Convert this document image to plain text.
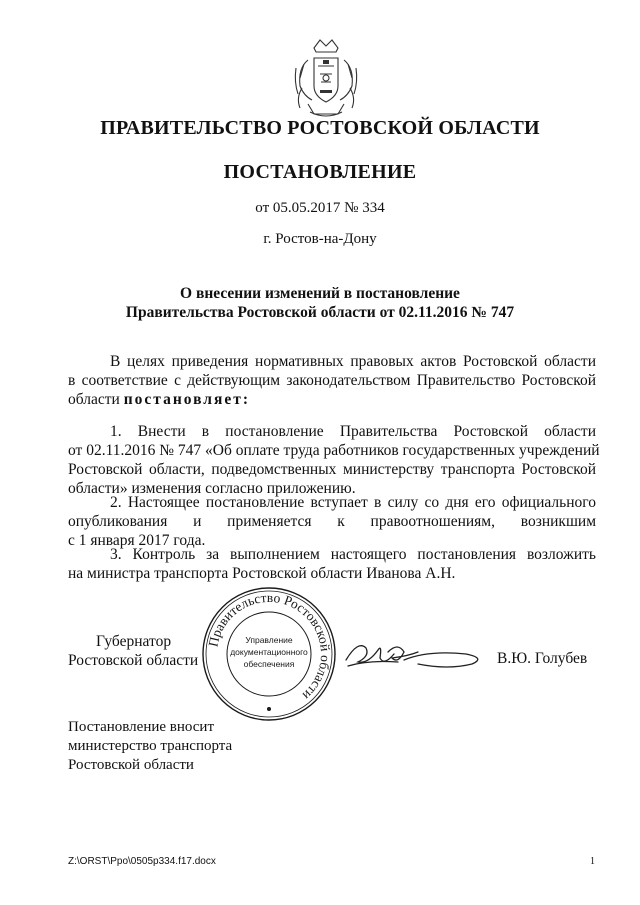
ПРАВИТЕЛЬСТВО РОСТОВСКОЙ ОБЛАСТИ
ПОСТАНОВЛЕНИЕ
от 05.05.2017 № 334
г. Ростов-на-Дону
О внесении изменений в постановление
Правительства Ростовской области от 02.11.2016 № 747
В целях приведения нормативных правовых актов Ростовской области
в соответствие с действующим законодательством Правительство Ростовской
области постановляет:
1. Внести в постановление Правительства Ростовской области
от 02.11.2016 № 747 «Об оплате труда работников государственных учреждений
Ростовской области, подведомственных министерству транспорта Ростовской
области» изменения согласно приложению.
2. Настоящее постановление вступает в силу со дня его официального
опубликования и применяется к правоотношениям, возникшим
с 1 января 2017 года.
3. Контроль за выполнением настоящего постановления возложить
на министра транспорта Ростовской области Иванова А.Н.
Губернатор
Ростовской области
Правительство Ростовской области
Управление
документационного
обеспечения	В.Ю. Голубев
Постановление вносит
министерство транспорта
Ростовской области
Z:\ORST\Ppo\0505p334.f17.docx	1
